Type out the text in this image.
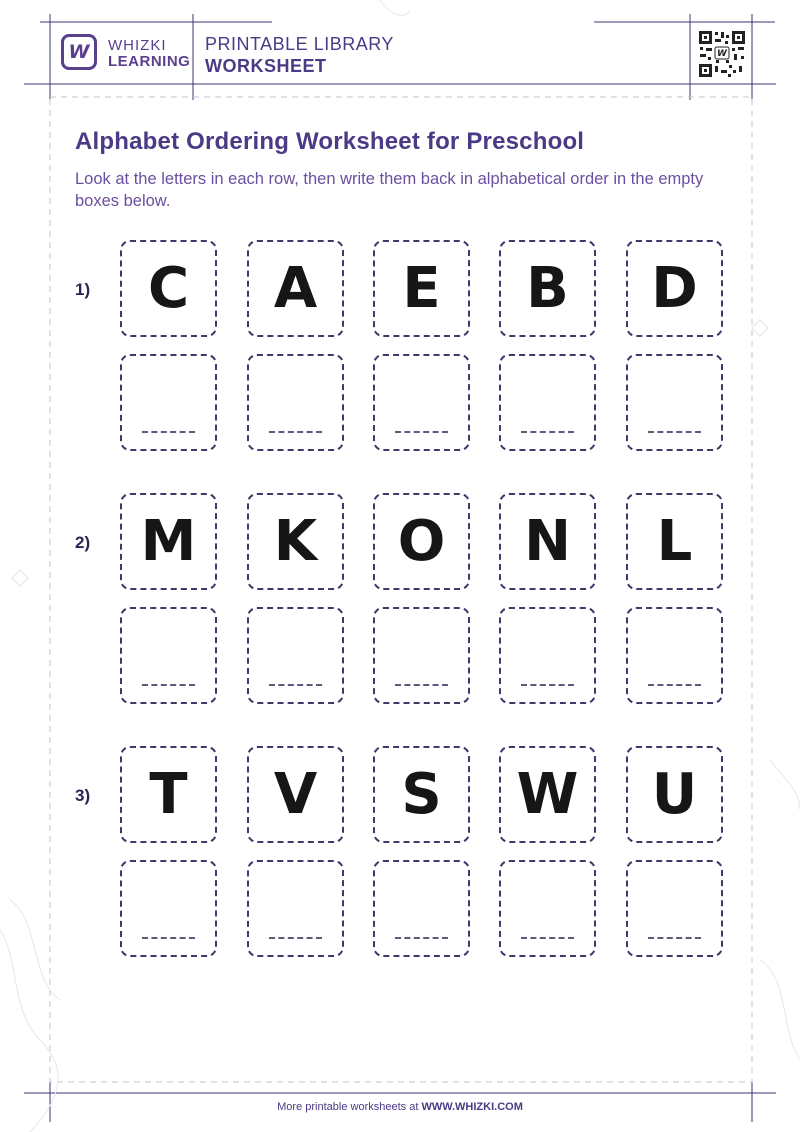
W WHIZKI
LEARNING
PRINTABLE LIBRARY
WORKSHEET
W
Alphabet Ordering Worksheet for Preschool
Look at the letters in each row, then write them back in alphabetical order in the empty boxes below.
1) C A E B D
2) M K O N L
3) T V S W U
More printable worksheets at WWW.WHIZKI.COM
